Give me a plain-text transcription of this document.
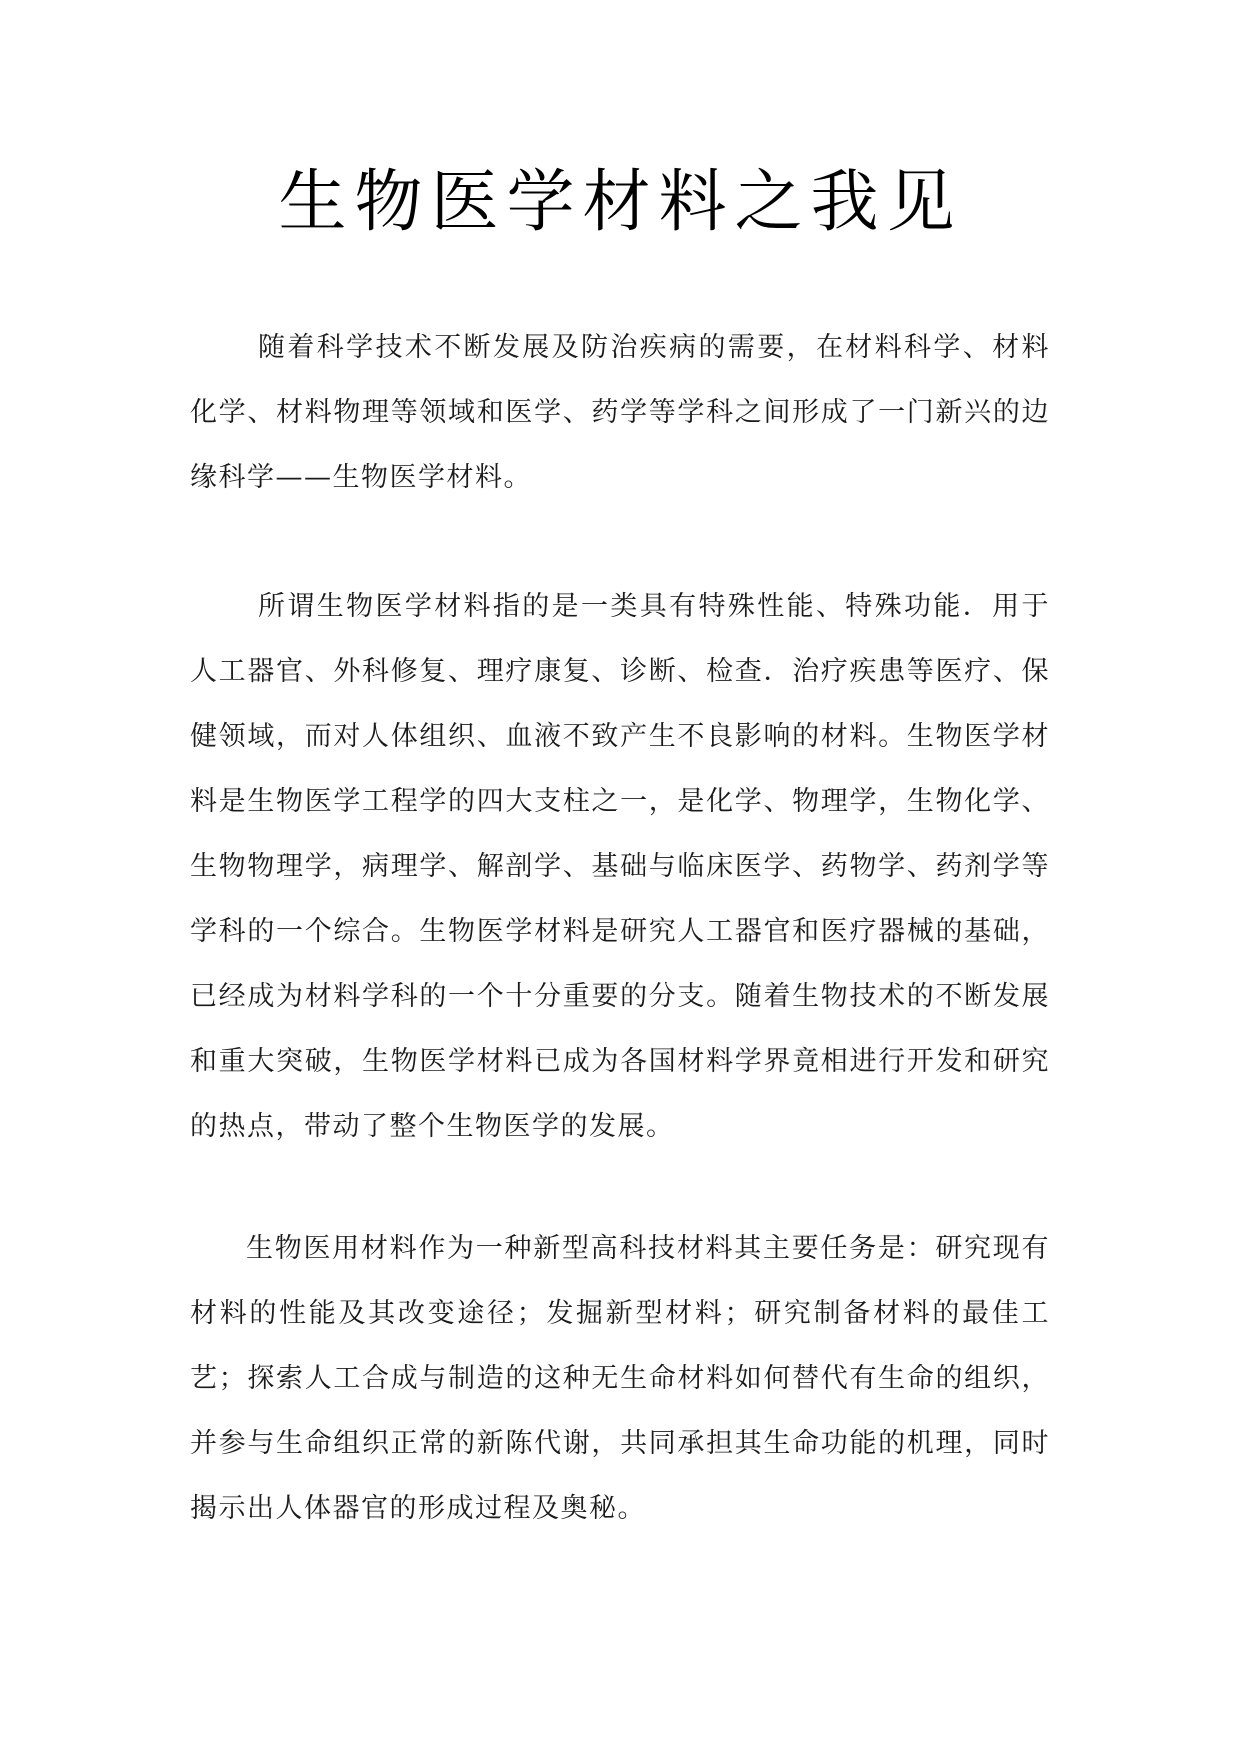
生物医学材料之我见

随着科学技术不断发展及防治疾病的需要，在材料科学、材料化学、材料物理等领域和医学、药学等学科之间形成了一门新兴的边缘科学——生物医学材料。

所谓生物医学材料指的是一类具有特殊性能、特殊功能．用于人工器官、外科修复、理疗康复、诊断、检查．治疗疾患等医疗、保健领域，而对人体组织、血液不致产生不良影响的材料。生物医学材料是生物医学工程学的四大支柱之一，是化学、物理学，生物化学、生物物理学，病理学、解剖学、基础与临床医学、药物学、药剂学等学科的一个综合。生物医学材料是研究人工器官和医疗器械的基础，已经成为材料学科的一个十分重要的分支。随着生物技术的不断发展和重大突破，生物医学材料已成为各国材料学界竟相进行开发和研究的热点，带动了整个生物医学的发展。

生物医用材料作为一种新型高科技材料其主要任务是：研究现有材料的性能及其改变途径；发掘新型材料；研究制备材料的最佳工艺；探索人工合成与制造的这种无生命材料如何替代有生命的组织，并参与生命组织正常的新陈代谢，共同承担其生命功能的机理，同时揭示出人体器官的形成过程及奥秘。
